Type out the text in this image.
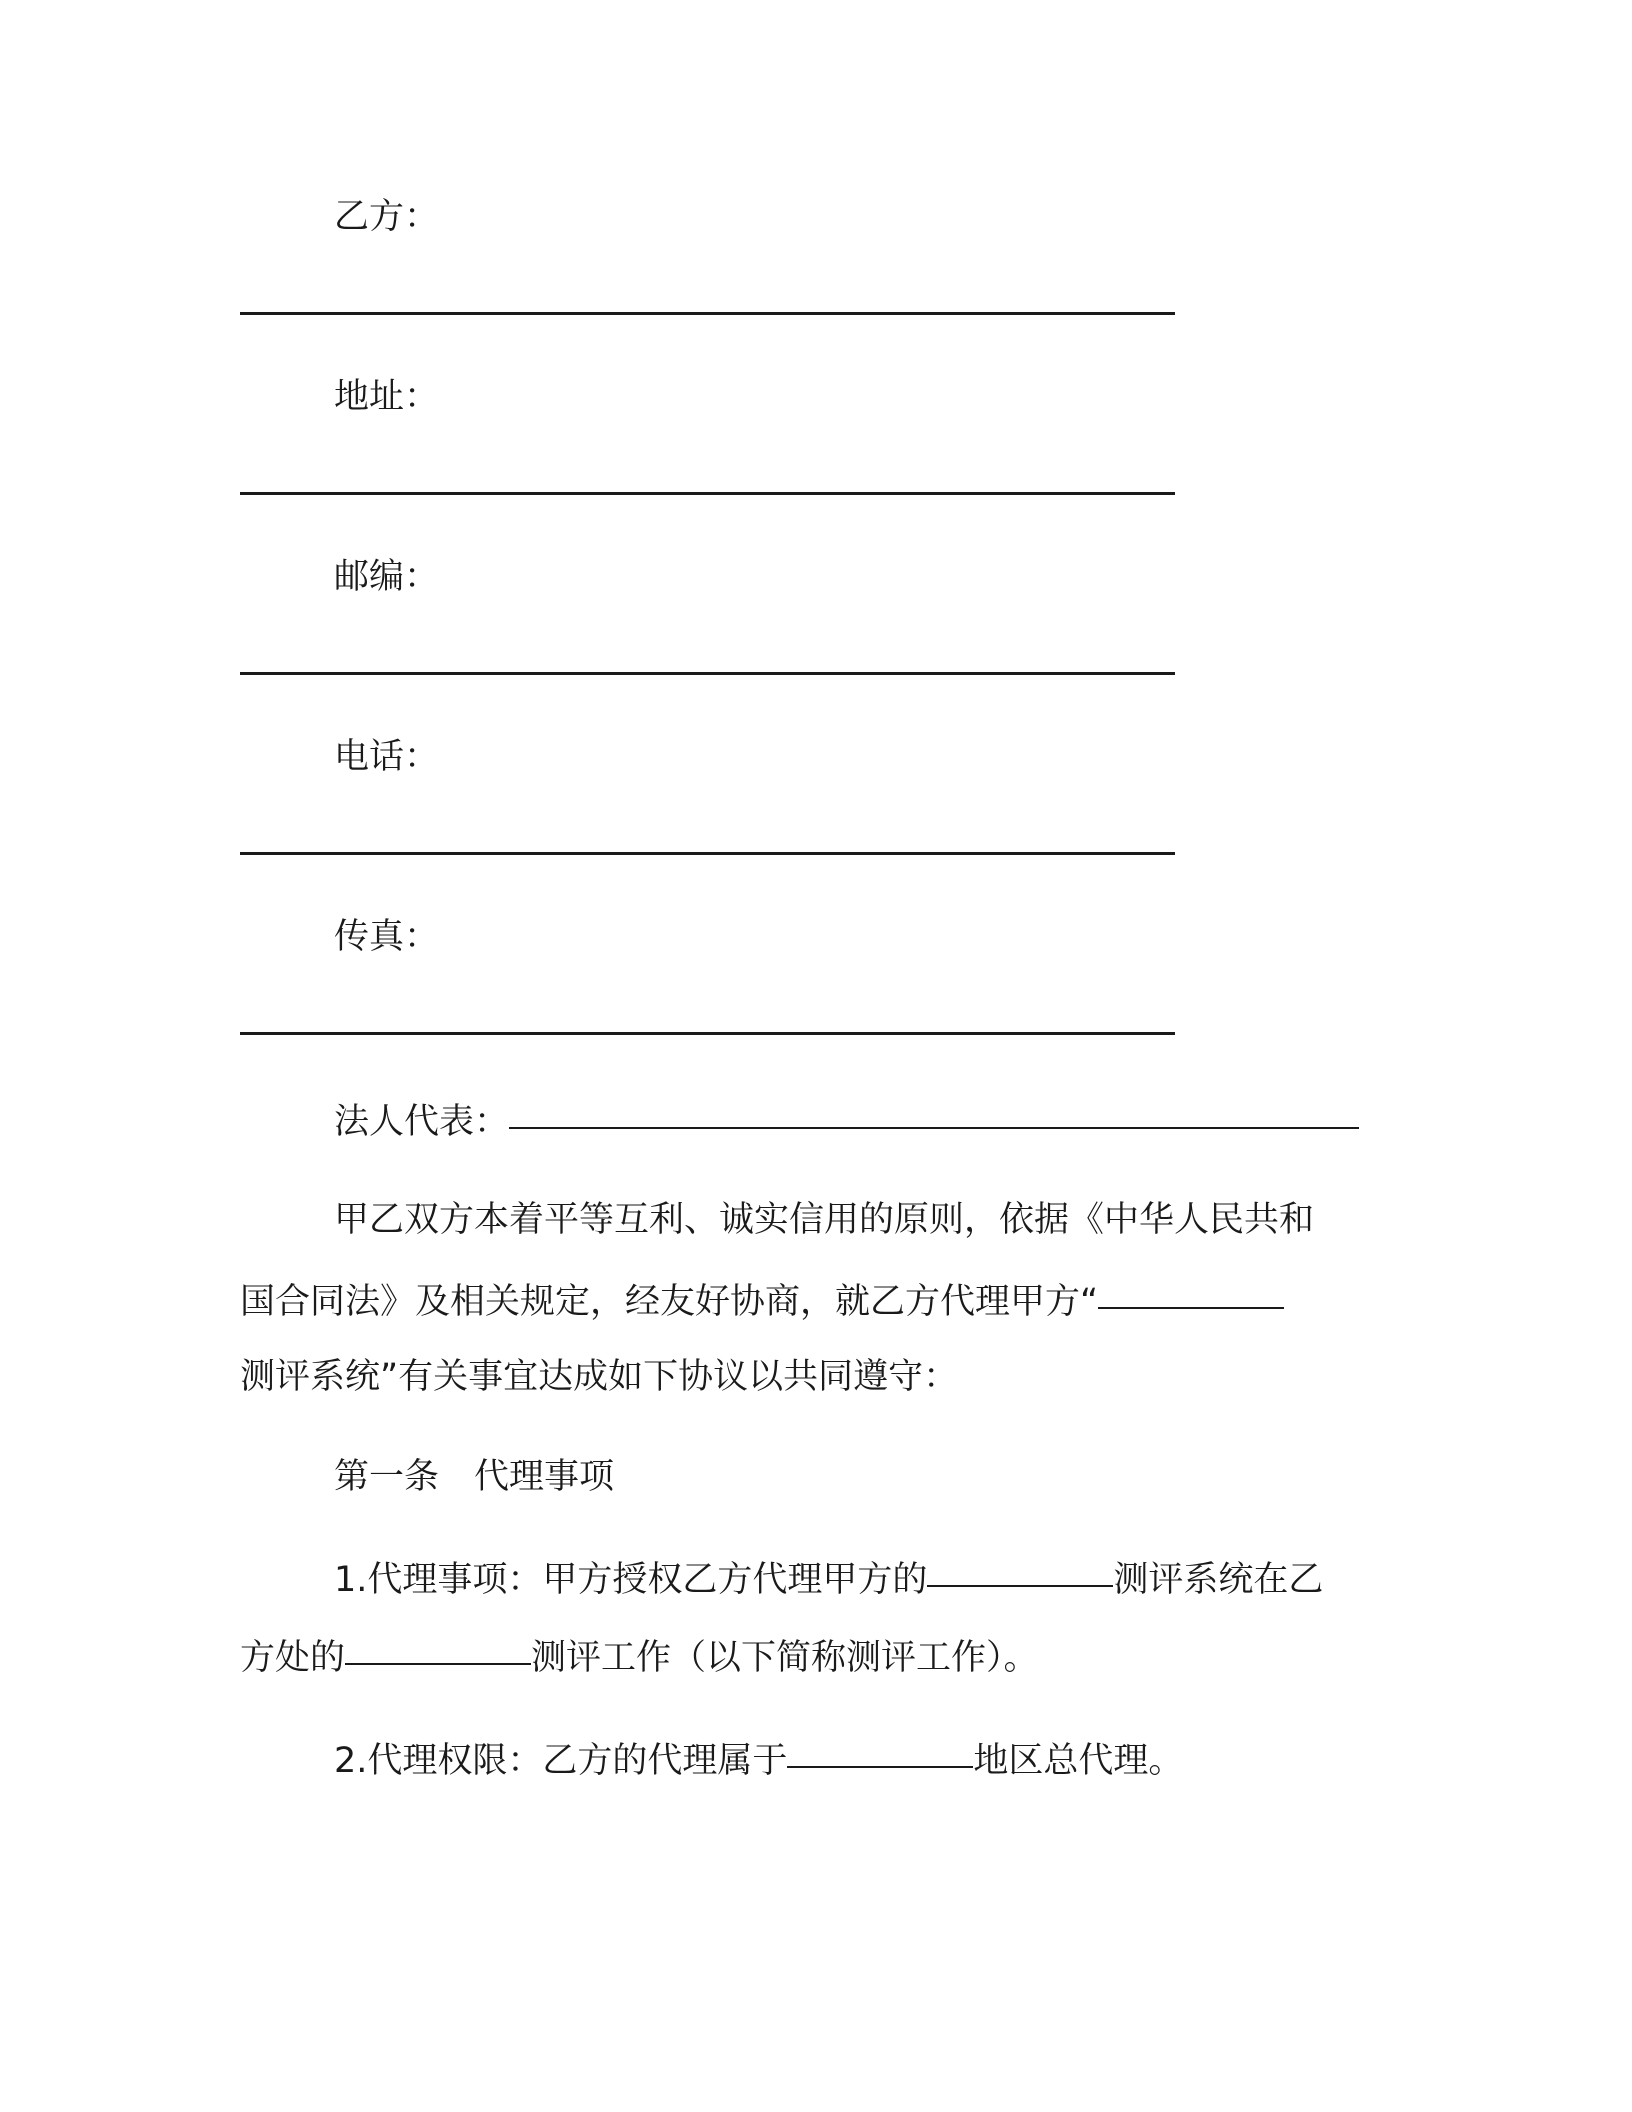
乙方：
地址：
邮编：
电话：
传真：
法人代表：
甲乙双方本着平等互利、诚实信用的原则，依据《中华人民共和
国合同法》及相关规定，经友好协商，就乙方代理甲方“
测评系统”有关事宜达成如下协议以共同遵守：
第一条　代理事项
1.代理事项：甲方授权乙方代理甲方的	测评系统在乙
方处的	测评工作（以下简称测评工作）。
2.代理权限：乙方的代理属于	地区总代理。
